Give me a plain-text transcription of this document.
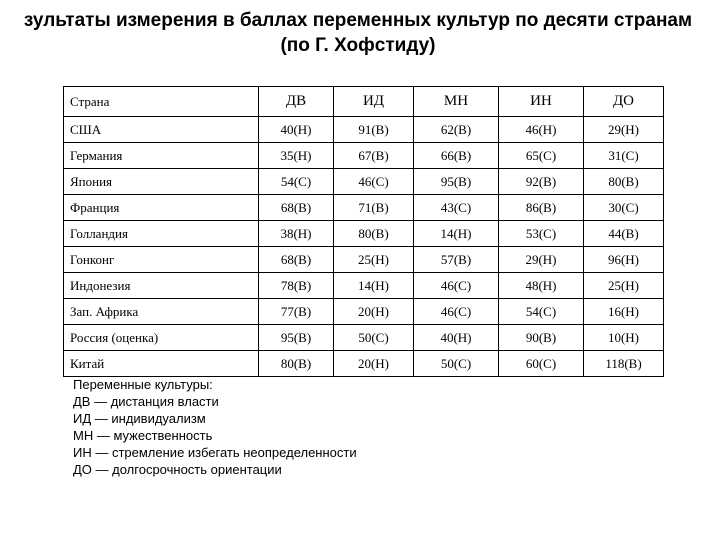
зультаты измерения в баллах переменных культур по десяти странам
(по Г. Хофстиду)
Страна	ДВ	ИД	МН	ИН	ДО
США	40(Н)	91(В)	62(В)	46(Н)	29(Н)
Германия	35(Н)	67(В)	66(В)	65(С)	31(С)
Япония	54(С)	46(С)	95(В)	92(В)	80(В)
Франция	68(В)	71(В)	43(С)	86(В)	30(С)
Голландия	38(Н)	80(В)	14(Н)	53(С)	44(В)
Гонконг	68(В)	25(Н)	57(В)	29(Н)	96(Н)
Индонезия	78(В)	14(Н)	46(С)	48(Н)	25(Н)
Зап. Африка	77(В)	20(Н)	46(С)	54(С)	16(Н)
Россия (оценка)	95(В)	50(С)	40(Н)	90(В)	10(Н)
Китай	80(В)	20(Н)	50(С)	60(С)	118(В)
Переменные культуры:
ДВ — дистанция власти
ИД — индивидуализм
МН — мужественность
ИН — стремление избегать неопределенности
ДО — долгосрочность ориентации
